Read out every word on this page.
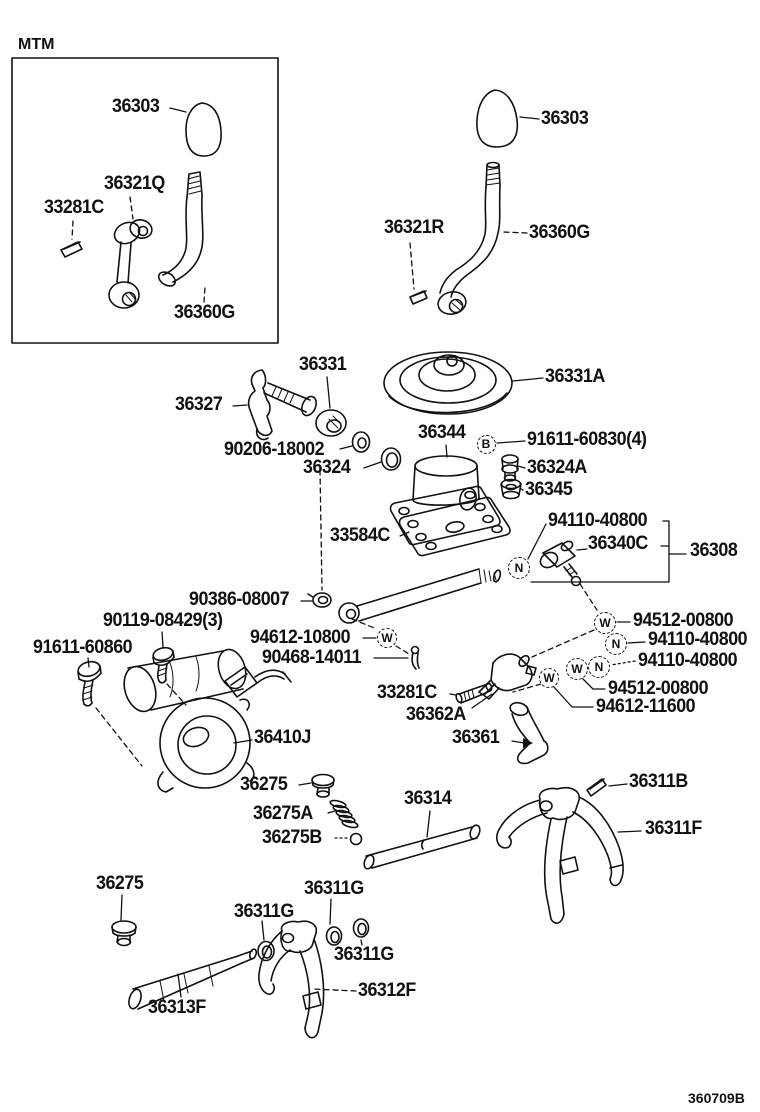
MTM
36303
36321Q
33281C
36360G
36303
36321R	36360G
36331
36327
36331A
90206-18002
36324
36344	91611-60830(4)
36324A
36345
33584C
94110-40800
36340C 36308
90386-08007
90119-08429(3)
91611-60860	94612-10800
90468-14011
94512-00800
94110-40800
94110-40800
94512-00800
94612-11600
33281C
36362A
36361
36410J
36275
36275A
36275B
36314
36311B
36311F
36275	36311G
36311G
36311G
36313F
36312F
B
N
W
W
N
N
W
W
360709B
